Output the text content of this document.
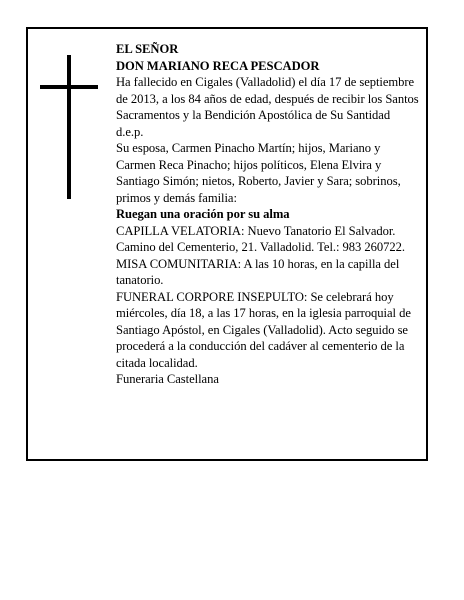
EL SEÑOR

DON MARIANO RECA PESCADOR

Ha fallecido en Cigales (Valladolid) el día 17 de septiembre de 2013, a los 84 años de edad, después de recibir los Santos Sacramentos y la Bendición Apostólica de Su Santidad

d.e.p.

Su esposa, Carmen Pinacho Martín; hijos, Mariano y Carmen Reca Pinacho; hijos políticos, Elena Elvira y Santiago Simón; nietos, Roberto, Javier y Sara; sobrinos, primos y demás familia:

Ruegan una oración por su alma

CAPILLA VELATORIA: Nuevo Tanatorio El Salvador. Camino del Cementerio, 21. Valladolid. Tel.: 983 260722. MISA COMUNITARIA: A las 10 horas, en la capilla del tanatorio.

FUNERAL CORPORE INSEPULTO: Se celebrará hoy miércoles, día 18, a las 17 horas, en la iglesia parroquial de Santiago Apóstol, en Cigales (Valladolid). Acto seguido se procederá a la conducción del cadáver al cementerio de la citada localidad.

Funeraria Castellana
